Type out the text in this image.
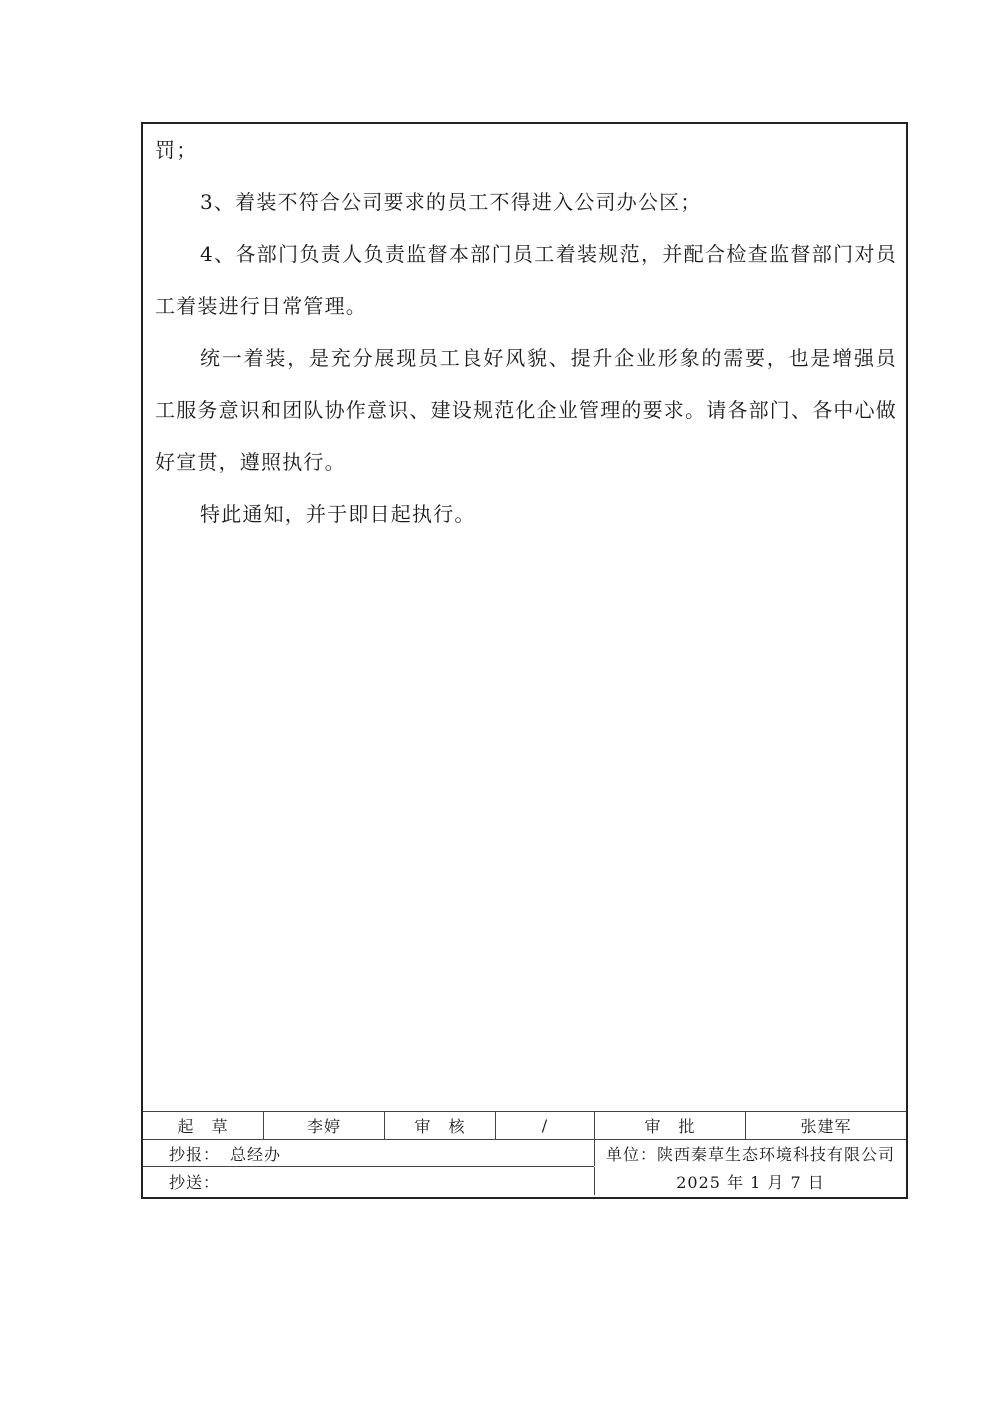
罚；

3、着装不符合公司要求的员工不得进入公司办公区；

4、各部门负责人负责监督本部门员工着装规范，并配合检查监督部门对员工着装进行日常管理。

统一着装，是充分展现员工良好风貌、提升企业形象的需要，也是增强员工服务意识和团队协作意识、建设规范化企业管理的要求。请各部门、各中心做好宣贯，遵照执行。

特此通知，并于即日起执行。

起　草	李婷	审　核	/	审　批	张建军
抄报： 总经办	单位：陕西秦草生态环境科技有限公司
抄送：	2025 年 1 月 7 日
